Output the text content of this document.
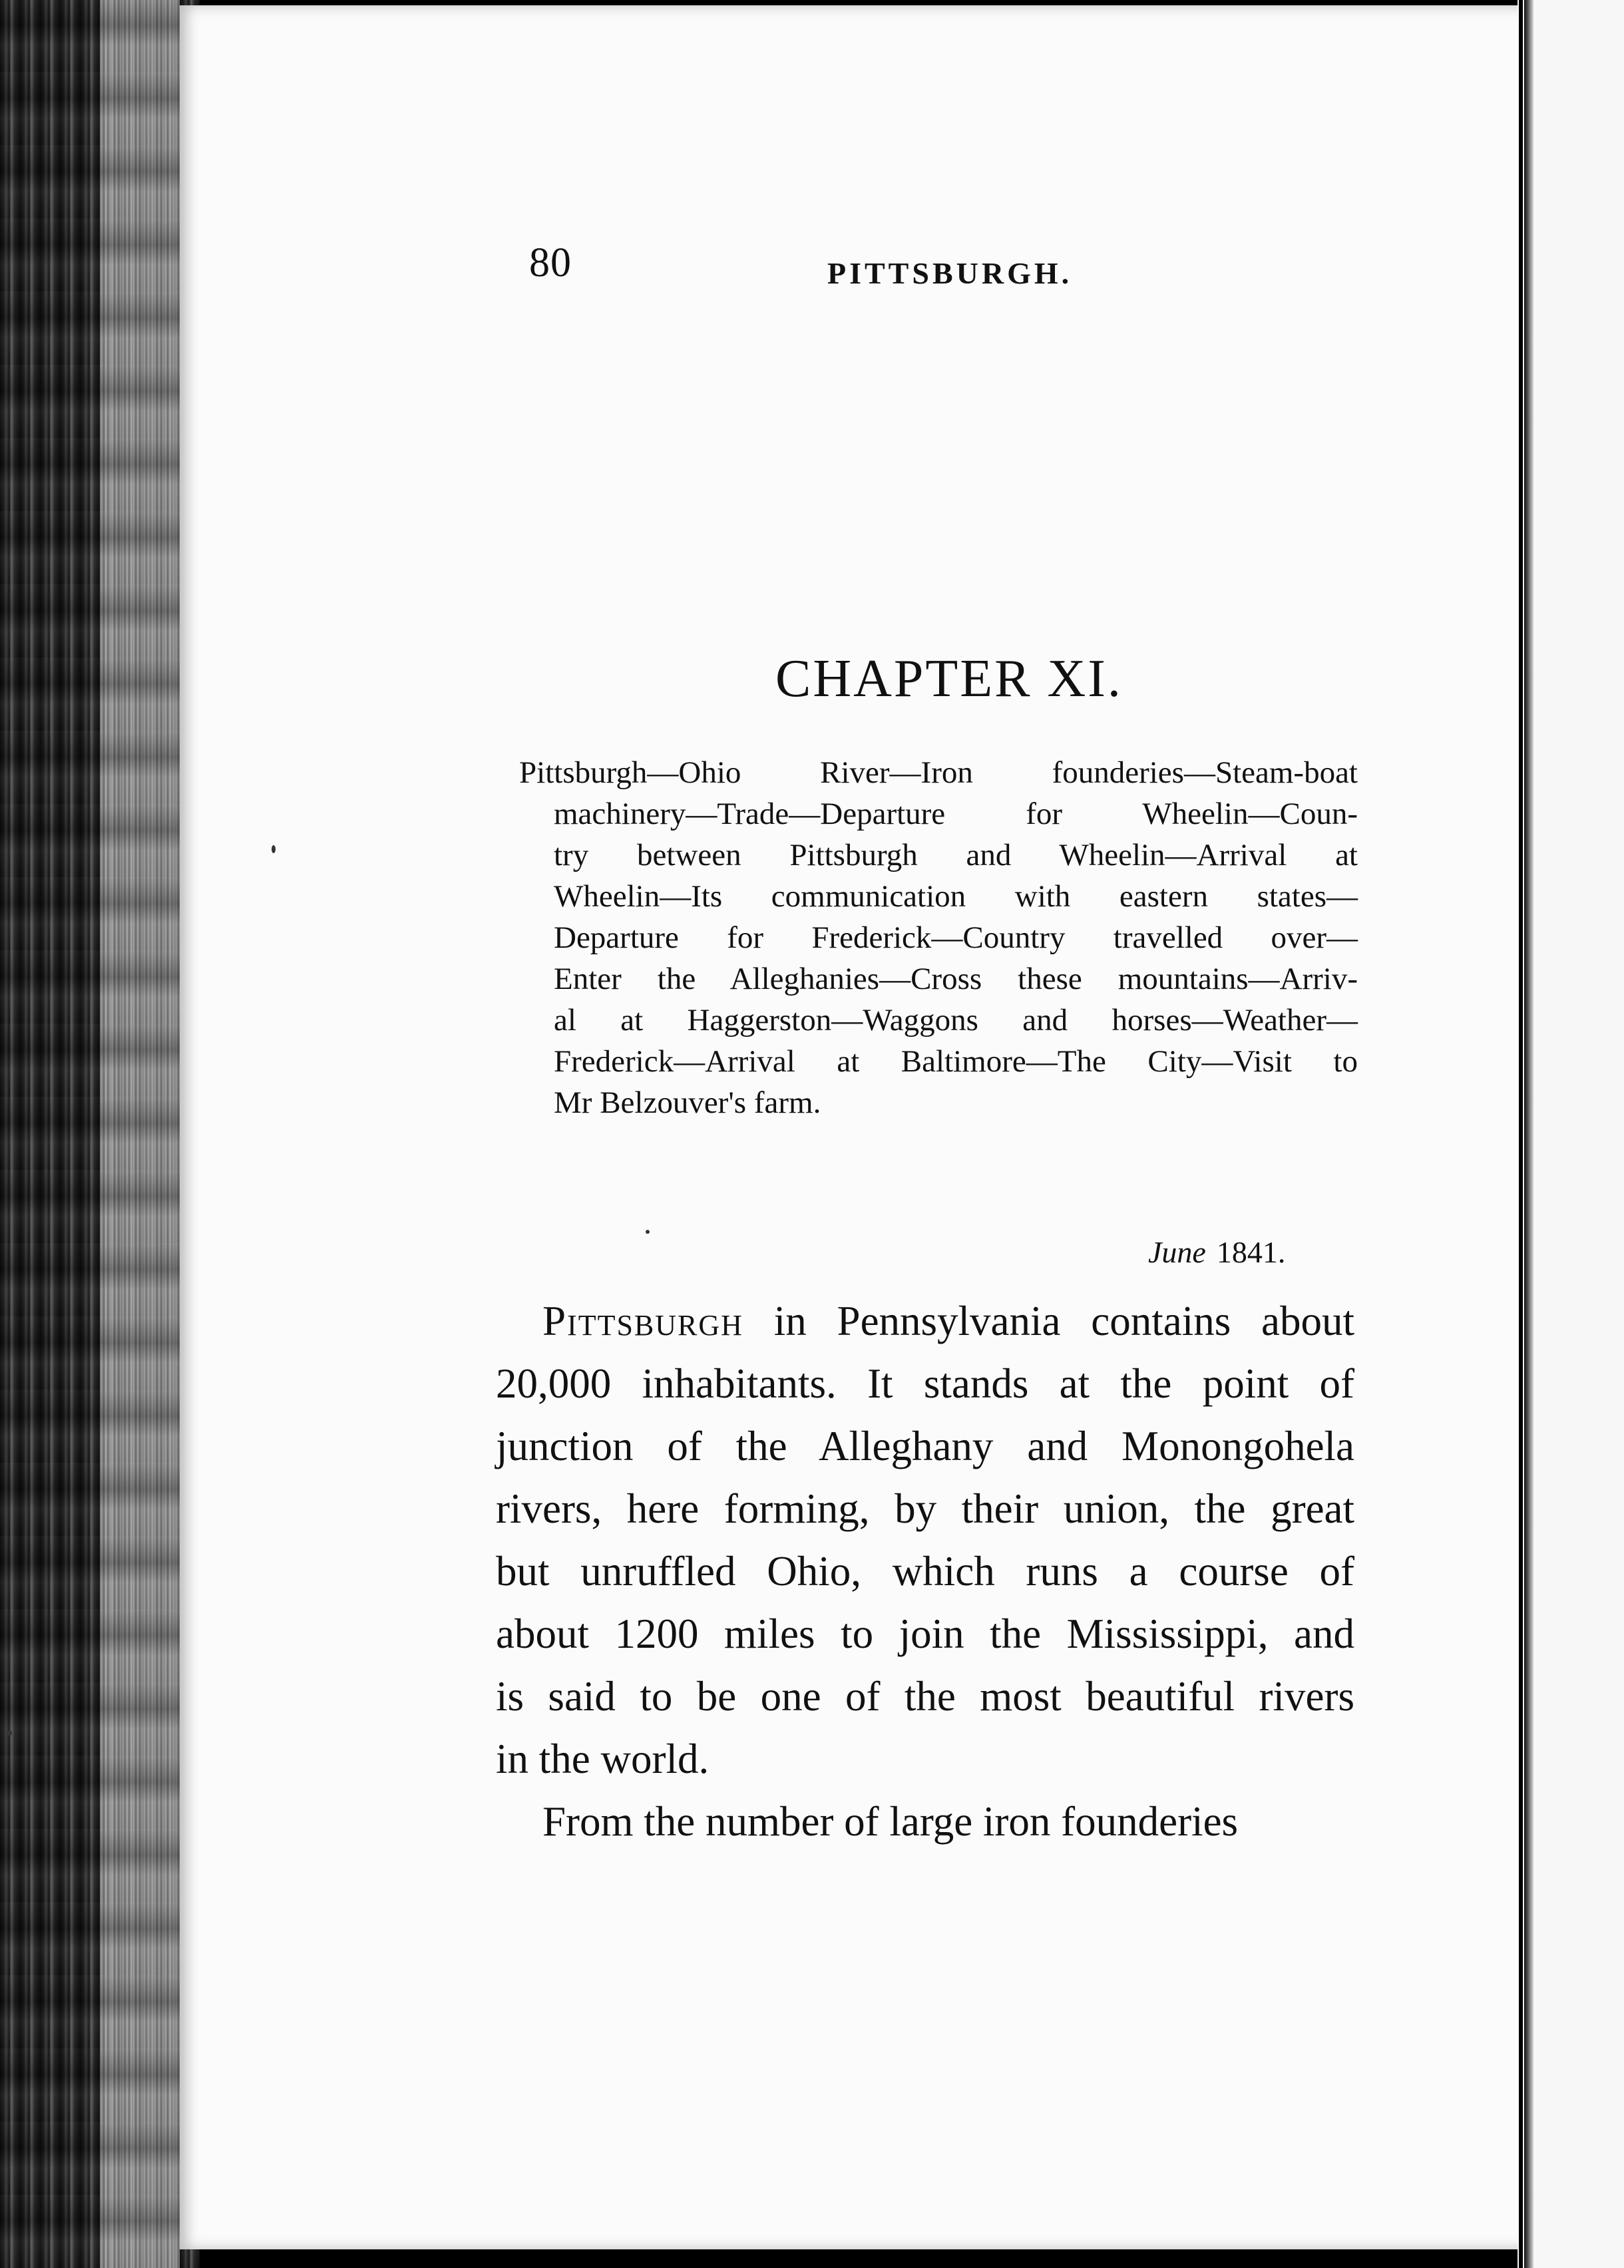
80	PITTSBURGH.

CHAPTER XI.
Pittsburgh—Ohio River—Iron founderies—Steam-boat
machinery—Trade—Departure for Wheelin—Coun-
try between Pittsburgh and Wheelin—Arrival at
Wheelin—Its communication with eastern states—
Departure for Frederick—Country travelled over—
Enter the Alleghanies—Cross these mountains—Arriv-
al at Haggerston—Waggons and horses—Weather—
Frederick—Arrival at Baltimore—The City—Visit to
Mr Belzouver's farm.

June 1841.

Pittsburgh in Pennsylvania contains about
20,000 inhabitants. It stands at the point of
junction of the Alleghany and Monongohela
rivers, here forming, by their union, the great
but unruffled Ohio, which runs a course of
about 1200 miles to join the Mississippi, and
is said to be one of the most beautiful rivers
in the world.
From the number of large iron founderies
